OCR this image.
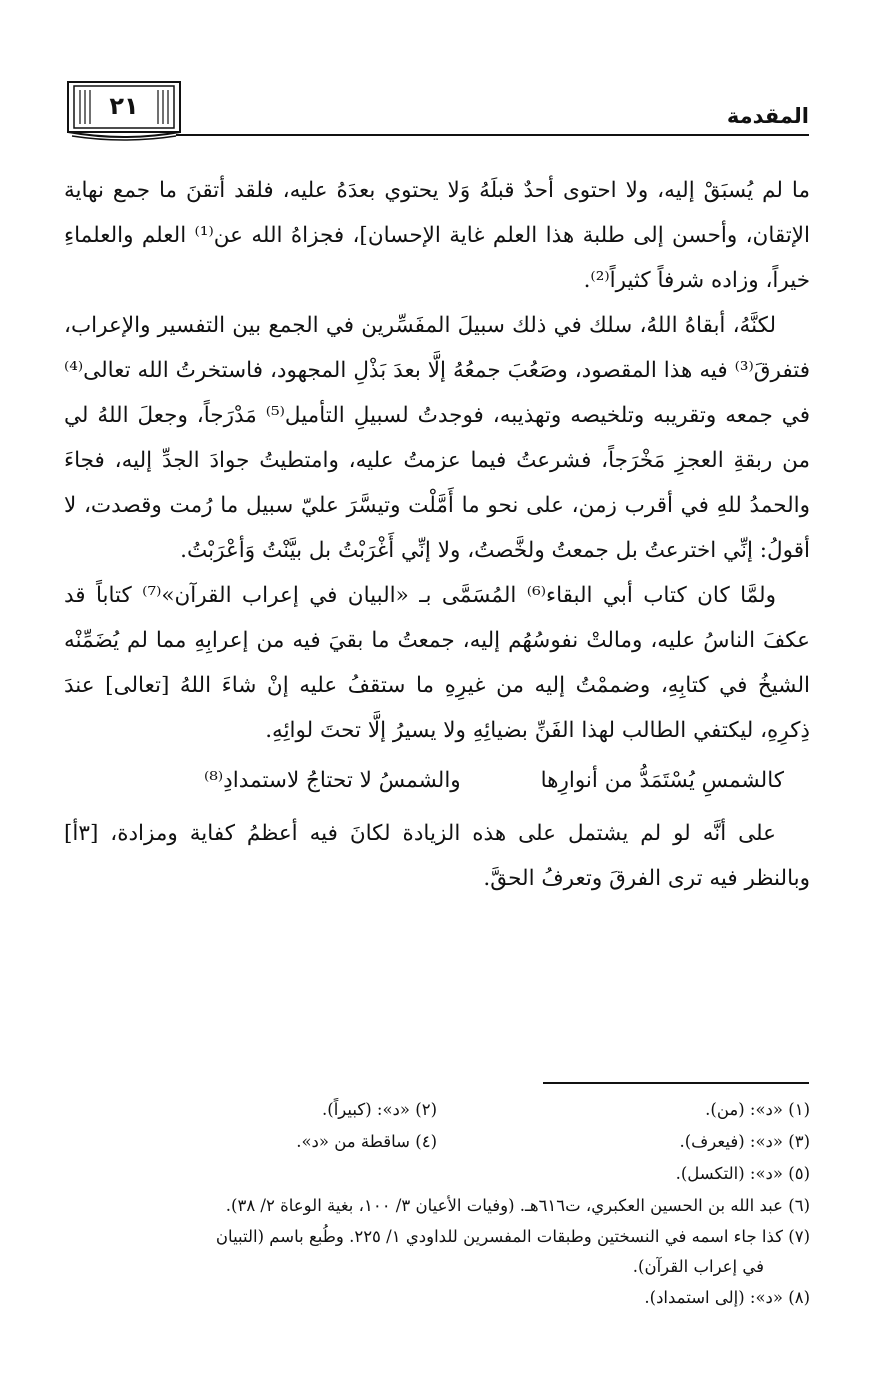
٢١	المقدمة

ما لم يُسبَقْ إليه، ولا احتوى أحدٌ قبلَهُ وَلا يحتوي بعدَهُ عليه، فلقد أتقنَ ما جمع نهاية الإتقان، وأحسن إلى طلبة هذا العلم غاية الإحسان]، فجزاهُ الله عن⁽¹⁾ العلم والعلماءِ خيراً، وزاده شرفاً كثيراً⁽²⁾.

لكنَّهُ، أبقاهُ اللهُ، سلك في ذلك سبيلَ المفَسِّرين في الجمع بين التفسير والإعراب، فتفرقَ⁽³⁾ فيه هذا المقصود، وصَعُبَ جمعُهُ إلَّا بعدَ بَذْلِ المجهود، فاستخرتُ الله تعالى⁽⁴⁾ في جمعه وتقريبه وتلخيصه وتهذيبه، فوجدتُ لسبيلِ التأميل⁽⁵⁾ مَدْرَجاً، وجعلَ اللهُ لي من ربقةِ العجزِ مَخْرَجاً، فشرعتُ فيما عزمتُ عليه، وامتطيتُ جوادَ الجدِّ إليه، فجاءَ والحمدُ للهِ في أقرب زمن، على نحو ما أَمَّلْت وتيسَّرَ عليّ سبيل ما رُمت وقصدت، لا أقولُ: إنِّي اخترعتُ بل جمعتُ ولخَّصتُ، ولا إنِّي أَغْرَبْتُ بل بيَّنْتُ وَأعْرَبْتُ.

ولمَّا كان كتاب أبي البقاء⁽⁶⁾ المُسَمَّى بـ «البيان في إعراب القرآن»⁽⁷⁾ كتاباً قد عكفَ الناسُ عليه، ومالتْ نفوسُهُم إليه، جمعتُ ما بقيَ فيه من إعرابِهِ مما لم يُضَمِّنْه الشيخُ في كتابِهِ، وضممْتُ إليه من غيرِهِ ما ستقفُ عليه إنْ شاءَ اللهُ [تعالى] عندَ ذِكرِهِ، ليكتفي الطالب لهذا الفَنِّ بضيائِهِ ولا يسيرُ إلَّا تحتَ لوائِهِ.

كالشمسِ يُسْتَمَدُّ من أنوارِها
والشمسُ لا تحتاجُ لاستمدادِ⁽⁸⁾

على أنَّه لو لم يشتمل على هذه الزيادة لكانَ فيه أعظمُ كفاية ومزادة، [٣أ] وبالنظر فيه ترى الفرقَ وتعرفُ الحقَّ.

(١) «د»: (من).
(٢) «د»: (كبيراً).
(٣) «د»: (فيعرف).
(٤) ساقطة من «د».
(٥) «د»: (التكسل).
(٦) عبد الله بن الحسين العكبري، ت٦١٦هـ. (وفيات الأعيان ٣/ ١٠٠، بغية الوعاة ٢/ ٣٨).
(٧) كذا جاء اسمه في النسختين وطبقات المفسرين للداودي ١/ ٢٢٥. وطُبع باسم (التبيان
في إعراب القرآن).
(٨) «د»: (إلى استمداد).
